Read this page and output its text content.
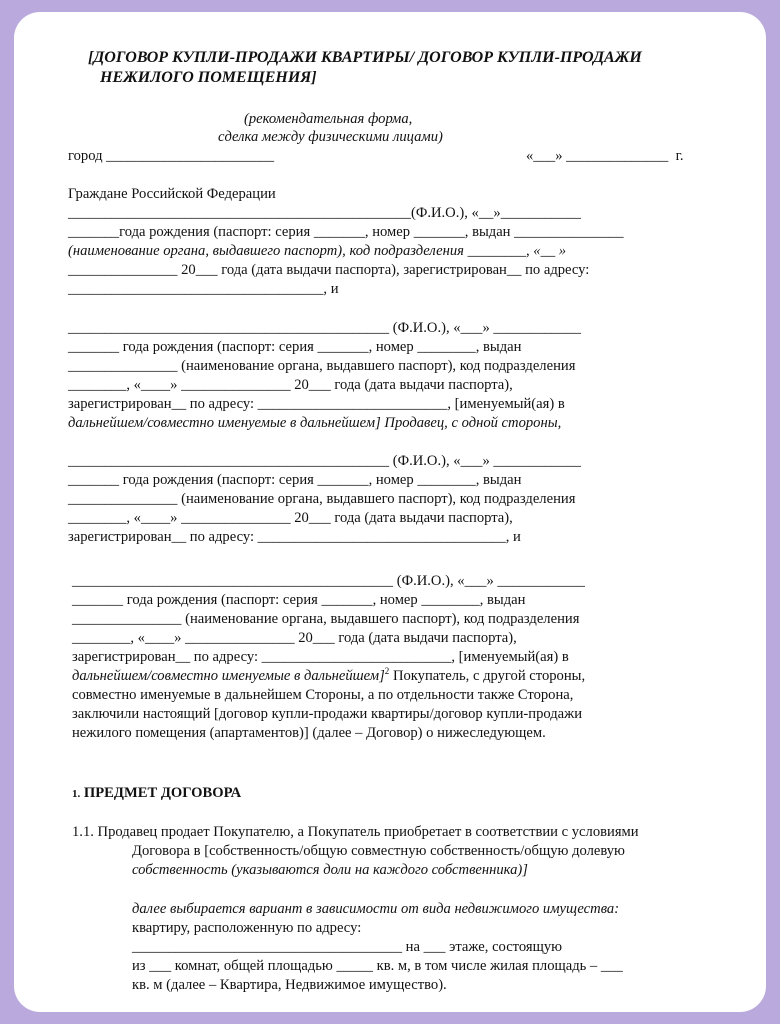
[ДОГОВОР КУПЛИ-ПРОДАЖИ КВАРТИРЫ/ ДОГОВОР КУПЛИ-ПРОДАЖИ
НЕЖИЛОГО ПОМЕЩЕНИЯ]
(рекомендательная форма,
сделка между физическими лицами)
город _______________________	«___» ______________  г.
Граждане Российской Федерации
_______________________________________________(Ф.И.О.), «__»___________
_______года рождения (паспорт: серия _______, номер _______, выдан _______________
(наименование органа, выдавшего паспорт), код подразделения ________, «__ »
_______________ 20___ года (дата выдачи паспорта), зарегистрирован__ по адресу:
___________________________________, и
____________________________________________ (Ф.И.О.), «___» ____________
_______ года рождения (паспорт: серия _______, номер ________, выдан
_______________ (наименование органа, выдавшего паспорт), код подразделения
________, «____» _______________ 20___ года (дата выдачи паспорта),
зарегистрирован__ по адресу: __________________________, [именуемый(ая) в
дальнейшем/совместно именуемые в дальнейшем] Продавец, с одной стороны,
____________________________________________ (Ф.И.О.), «___» ____________
_______ года рождения (паспорт: серия _______, номер ________, выдан
_______________ (наименование органа, выдавшего паспорт), код подразделения
________, «____» _______________ 20___ года (дата выдачи паспорта),
зарегистрирован__ по адресу: __________________________________, и
____________________________________________ (Ф.И.О.), «___» ____________
_______ года рождения (паспорт: серия _______, номер ________, выдан
_______________ (наименование органа, выдавшего паспорт), код подразделения
________, «____» _______________ 20___ года (дата выдачи паспорта),
зарегистрирован__ по адресу: __________________________, [именуемый(ая) в
дальнейшем/совместно именуемые в дальнейшем]$^2$ Покупатель, с другой стороны,
совместно именуемые в дальнейшем Стороны, а по отдельности также Сторона,
заключили настоящий [договор купли-продажи квартиры/договор купли-продажи
нежилого помещения (апартаментов)] (далее – Договор) о нижеследующем.
1. ПРЕДМЕТ ДОГОВОРА
1.1. Продавец продает Покупателю, а Покупатель приобретает в соответствии с условиями
Договора в [собственность/общую совместную собственность/общую долевую
собственность (указываются доли на каждого собственника)]
далее выбирается вариант в зависимости от вида недвижимого имущества:
квартиру, расположенную по адресу:
_____________________________________ на ___ этаже, состоящую
из ___ комнат, общей площадью _____ кв. м, в том числе жилая площадь – ___
кв. м (далее – Квартира, Недвижимое имущество).
